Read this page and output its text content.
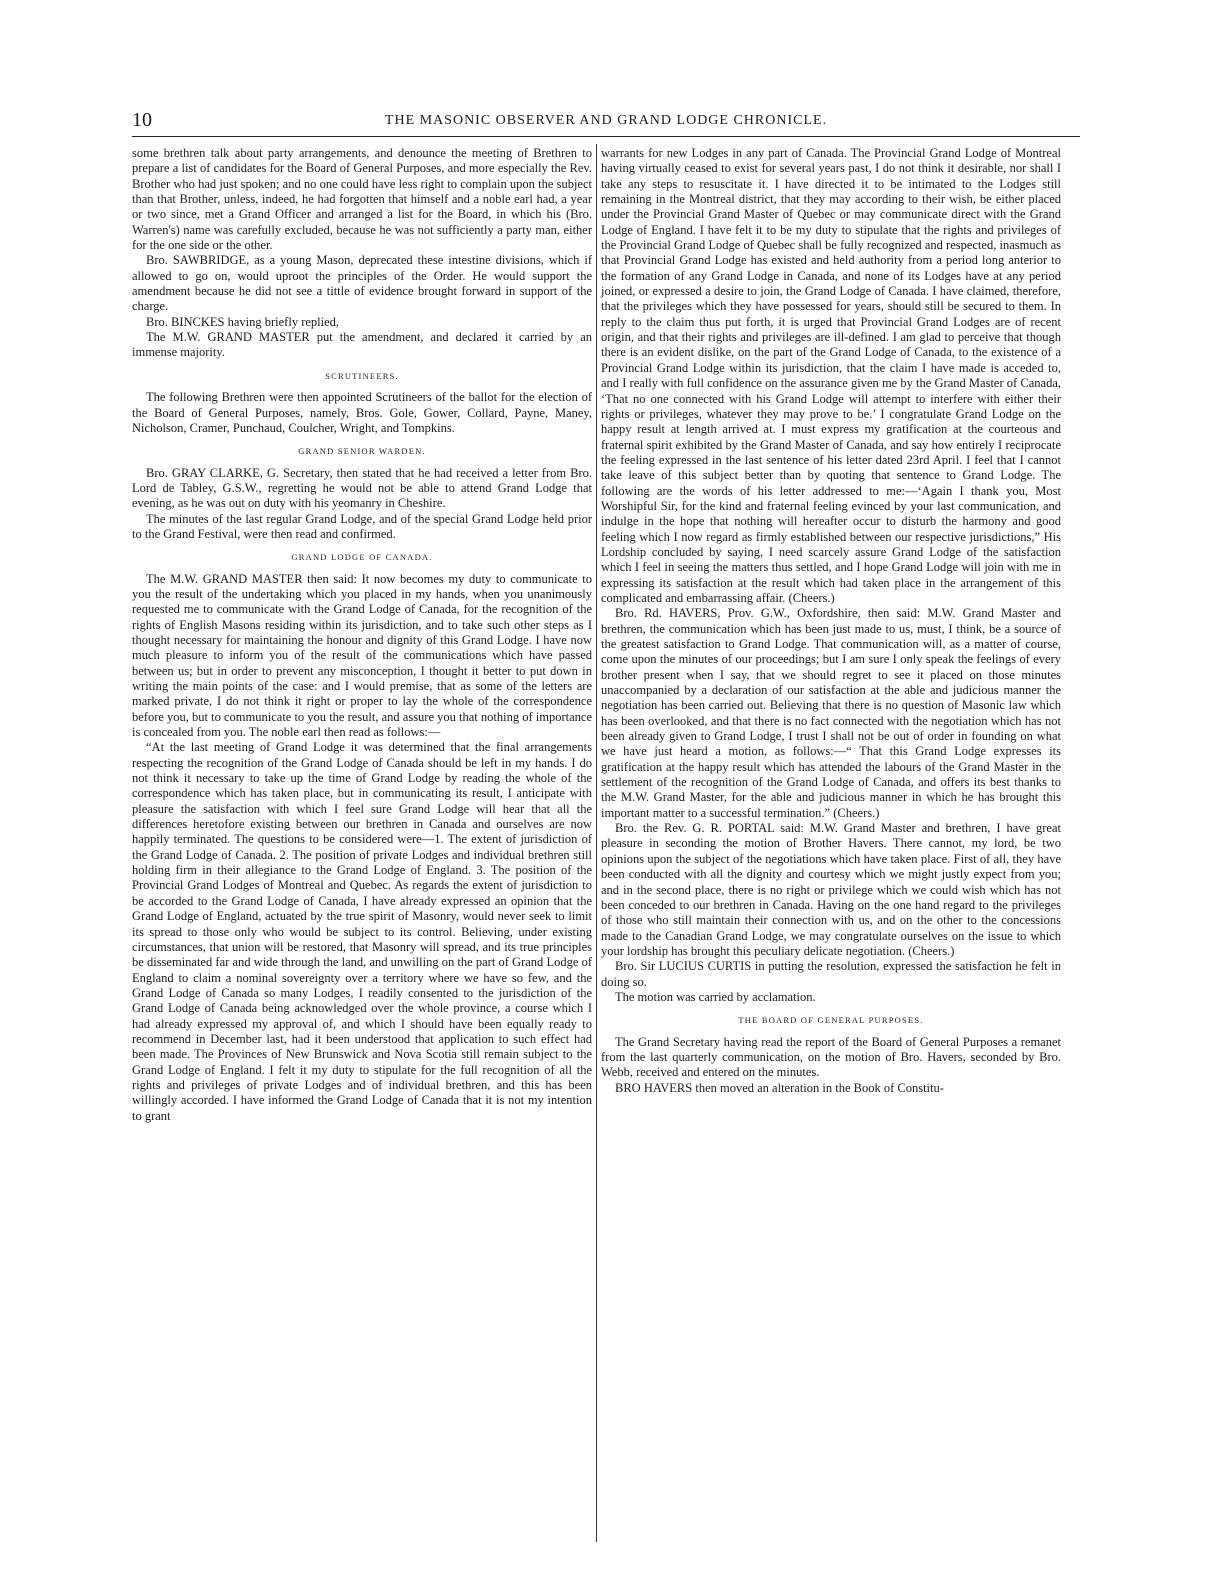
10	THE MASONIC OBSERVER AND GRAND LODGE CHRONICLE.

some brethren talk about party arrangements, and denounce the meeting of Brethren to prepare a list of candidates for the Board of General Purposes, and more especially the Rev. Brother who had just spoken; and no one could have less right to complain upon the subject than that Brother, unless, indeed, he had forgotten that himself and a noble earl had, a year or two since, met a Grand Officer and arranged a list for the Board, in which his (Bro. Warren's) name was carefully excluded, because he was not sufficiently a party man, either for the one side or the other.

Bro. SAWBRIDGE, as a young Mason, deprecated these intestine divisions, which if allowed to go on, would uproot the principles of the Order. He would support the amendment because he did not see a tittle of evidence brought forward in support of the charge.

Bro. BINCKES having briefly replied,

The M.W. GRAND MASTER put the amendment, and declared it carried by an immense majority.

SCRUTINEERS.

The following Brethren were then appointed Scrutineers of the ballot for the election of the Board of General Purposes, namely, Bros. Gole, Gower, Collard, Payne, Maney, Nicholson, Cramer, Punchaud, Coulcher, Wright, and Tompkins.

GRAND SENIOR WARDEN.

Bro. GRAY CLARKE, G. Secretary, then stated that he had received a letter from Bro. Lord de Tabley, G.S.W., regretting he would not be able to attend Grand Lodge that evening, as he was out on duty with his yeomanry in Cheshire.

The minutes of the last regular Grand Lodge, and of the special Grand Lodge held prior to the Grand Festival, were then read and confirmed.

GRAND LODGE OF CANADA.

The M.W. GRAND MASTER then said: It now becomes my duty to communicate to you the result of the undertaking which you placed in my hands, when you unanimously requested me to communicate with the Grand Lodge of Canada, for the recognition of the rights of English Masons residing within its jurisdiction, and to take such other steps as I thought necessary for maintaining the honour and dignity of this Grand Lodge. I have now much pleasure to inform you of the result of the communications which have passed between us; but in order to prevent any misconception, I thought it better to put down in writing the main points of the case: and I would premise, that as some of the letters are marked private, I do not think it right or proper to lay the whole of the correspondence before you, but to communicate to you the result, and assure you that nothing of importance is concealed from you. The noble earl then read as follows:—

“At the last meeting of Grand Lodge it was determined that the final arrangements respecting the recognition of the Grand Lodge of Canada should be left in my hands. I do not think it necessary to take up the time of Grand Lodge by reading the whole of the correspondence which has taken place, but in communicating its result, I anticipate with pleasure the satisfaction with which I feel sure Grand Lodge will hear that all the differences heretofore existing between our brethren in Canada and ourselves are now happily terminated. The questions to be considered were—1. The extent of jurisdiction of the Grand Lodge of Canada. 2. The position of private Lodges and individual brethren still holding firm in their allegiance to the Grand Lodge of England. 3. The position of the Provincial Grand Lodges of Montreal and Quebec. As regards the extent of jurisdiction to be accorded to the Grand Lodge of Canada, I have already expressed an opinion that the Grand Lodge of England, actuated by the true spirit of Masonry, would never seek to limit its spread to those only who would be subject to its control. Believing, under existing circumstances, that union will be restored, that Masonry will spread, and its true principles be disseminated far and wide through the land, and unwilling on the part of Grand Lodge of England to claim a nominal sovereignty over a territory where we have so few, and the Grand Lodge of Canada so many Lodges, I readily consented to the jurisdiction of the Grand Lodge of Canada being acknowledged over the whole province, a course which I had already expressed my approval of, and which I should have been equally ready to recommend in December last, had it been understood that application to such effect had been made. The Provinces of New Brunswick and Nova Scotia still remain subject to the Grand Lodge of England. I felt it my duty to stipulate for the full recognition of all the rights and privileges of private Lodges and of individual brethren, and this has been willingly accorded. I have informed the Grand Lodge of Canada that it is not my intention to grant

warrants for new Lodges in any part of Canada. The Provincial Grand Lodge of Montreal having virtually ceased to exist for several years past, I do not think it desirable, nor shall I take any steps to resuscitate it. I have directed it to be intimated to the Lodges still remaining in the Montreal district, that they may according to their wish, be either placed under the Provincial Grand Master of Quebec or may communicate direct with the Grand Lodge of England. I have felt it to be my duty to stipulate that the rights and privileges of the Provincial Grand Lodge of Quebec shall be fully recognized and respected, inasmuch as that Provincial Grand Lodge has existed and held authority from a period long anterior to the formation of any Grand Lodge in Canada, and none of its Lodges have at any period joined, or expressed a desire to join, the Grand Lodge of Canada. I have claimed, therefore, that the privileges which they have possessed for years, should still be secured to them. In reply to the claim thus put forth, it is urged that Provincial Grand Lodges are of recent origin, and that their rights and privileges are ill-defined. I am glad to perceive that though there is an evident dislike, on the part of the Grand Lodge of Canada, to the existence of a Provincial Grand Lodge within its jurisdiction, that the claim I have made is acceded to, and I really with full confidence on the assurance given me by the Grand Master of Canada, ‘That no one connected with his Grand Lodge will attempt to interfere with either their rights or privileges, whatever they may prove to be.’ I congratulate Grand Lodge on the happy result at length arrived at. I must express my gratification at the courteous and fraternal spirit exhibited by the Grand Master of Canada, and say how entirely I reciprocate the feeling expressed in the last sentence of his letter dated 23rd April. I feel that I cannot take leave of this subject better than by quoting that sentence to Grand Lodge. The following are the words of his letter addressed to me:—‘Again I thank you, Most Worshipful Sir, for the kind and fraternal feeling evinced by your last communication, and indulge in the hope that nothing will hereafter occur to disturb the harmony and good feeling which I now regard as firmly established between our respective jurisdictions,” His Lordship concluded by saying, I need scarcely assure Grand Lodge of the satisfaction which I feel in seeing the matters thus settled, and I hope Grand Lodge will join with me in expressing its satisfaction at the result which had taken place in the arrangement of this complicated and embarrassing affair. (Cheers.)

Bro. Rd. HAVERS, Prov. G.W., Oxfordshire, then said: M.W. Grand Master and brethren, the communication which has been just made to us, must, I think, be a source of the greatest satisfaction to Grand Lodge. That communication will, as a matter of course, come upon the minutes of our proceedings; but I am sure I only speak the feelings of every brother present when I say, that we should regret to see it placed on those minutes unaccompanied by a declaration of our satisfaction at the able and judicious manner the negotiation has been carried out. Believing that there is no question of Masonic law which has been overlooked, and that there is no fact connected with the negotiation which has not been already given to Grand Lodge, I trust I shall not be out of order in founding on what we have just heard a motion, as follows:—“ That this Grand Lodge expresses its gratification at the happy result which has attended the labours of the Grand Master in the settlement of the recognition of the Grand Lodge of Canada, and offers its best thanks to the M.W. Grand Master, for the able and judicious manner in which he has brought this important matter to a successful termination.” (Cheers.)

Bro. the Rev. G. R. PORTAL said: M.W. Grand Master and brethren, I have great pleasure in seconding the motion of Brother Havers. There cannot, my lord, be two opinions upon the subject of the negotiations which have taken place. First of all, they have been conducted with all the dignity and courtesy which we might justly expect from you; and in the second place, there is no right or privilege which we could wish which has not been conceded to our brethren in Canada. Having on the one hand regard to the privileges of those who still maintain their connection with us, and on the other to the concessions made to the Canadian Grand Lodge, we may congratulate ourselves on the issue to which your lordship has brought this peculiary delicate negotiation. (Cheers.)

Bro. Sir LUCIUS CURTIS in putting the resolution, expressed the satisfaction he felt in doing so.

The motion was carried by acclamation.

THE BOARD OF GENERAL PURPOSES.

The Grand Secretary having read the report of the Board of General Purposes a remanet from the last quarterly communication, on the motion of Bro. Havers, seconded by Bro. Webb, received and entered on the minutes.

BRO HAVERS then moved an alteration in the Book of Constitu-
